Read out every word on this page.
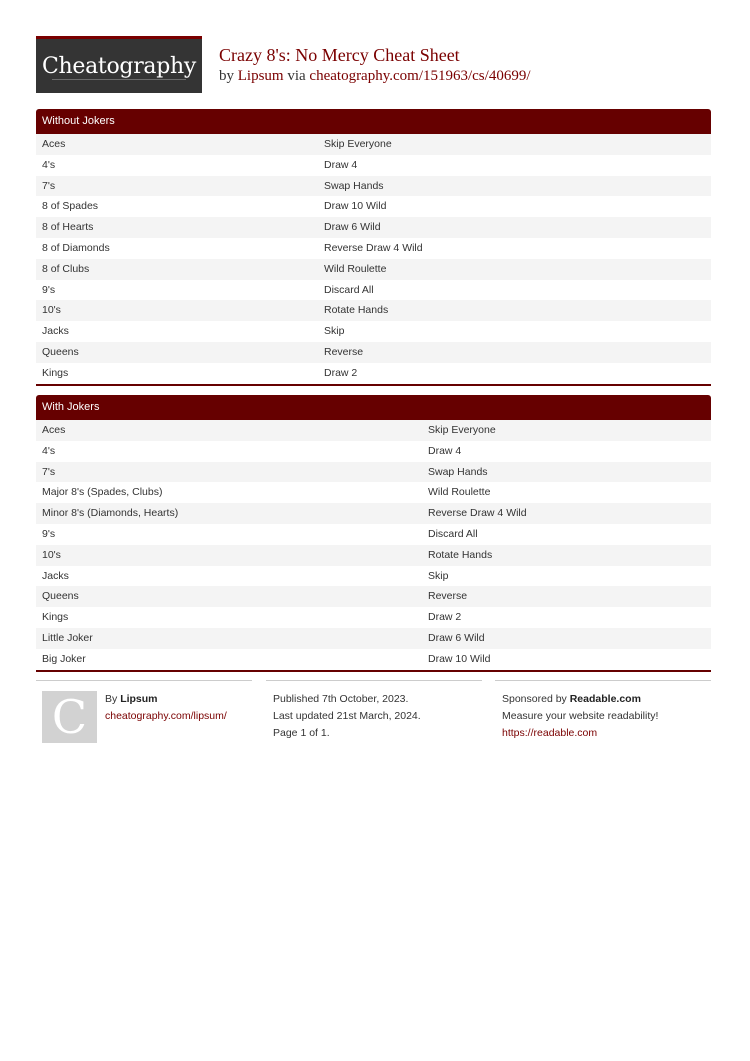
Cheatography Crazy 8's: No Mercy Cheat Sheet
by Lipsum via cheatography.com/151963/cs/40699/
Without Jokers
Aces	Skip Everyone
4's	Draw 4
7's	Swap Hands
8 of Spades	Draw 10 Wild
8 of Hearts	Draw 6 Wild
8 of Diamonds	Reverse Draw 4 Wild
8 of Clubs	Wild Roulette
9's	Discard All
10's	Rotate Hands
Jacks	Skip
Queens	Reverse
Kings	Draw 2
With Jokers
Aces	Skip Everyone
4's	Draw 4
7's	Swap Hands
Major 8's (Spades, Clubs)	Wild Roulette
Minor 8's (Diamonds, Hearts)	Reverse Draw 4 Wild
9's	Discard All
10's	Rotate Hands
Jacks	Skip
Queens	Reverse
Kings	Draw 2
Little Joker	Draw 6 Wild
Big Joker	Draw 10 Wild
C By Lipsum
cheatography.com/lipsum/
Published 7th October, 2023.
Last updated 21st March, 2024.
Page 1 of 1.
Sponsored by Readable.com
Measure your website readability!
https://readable.com
